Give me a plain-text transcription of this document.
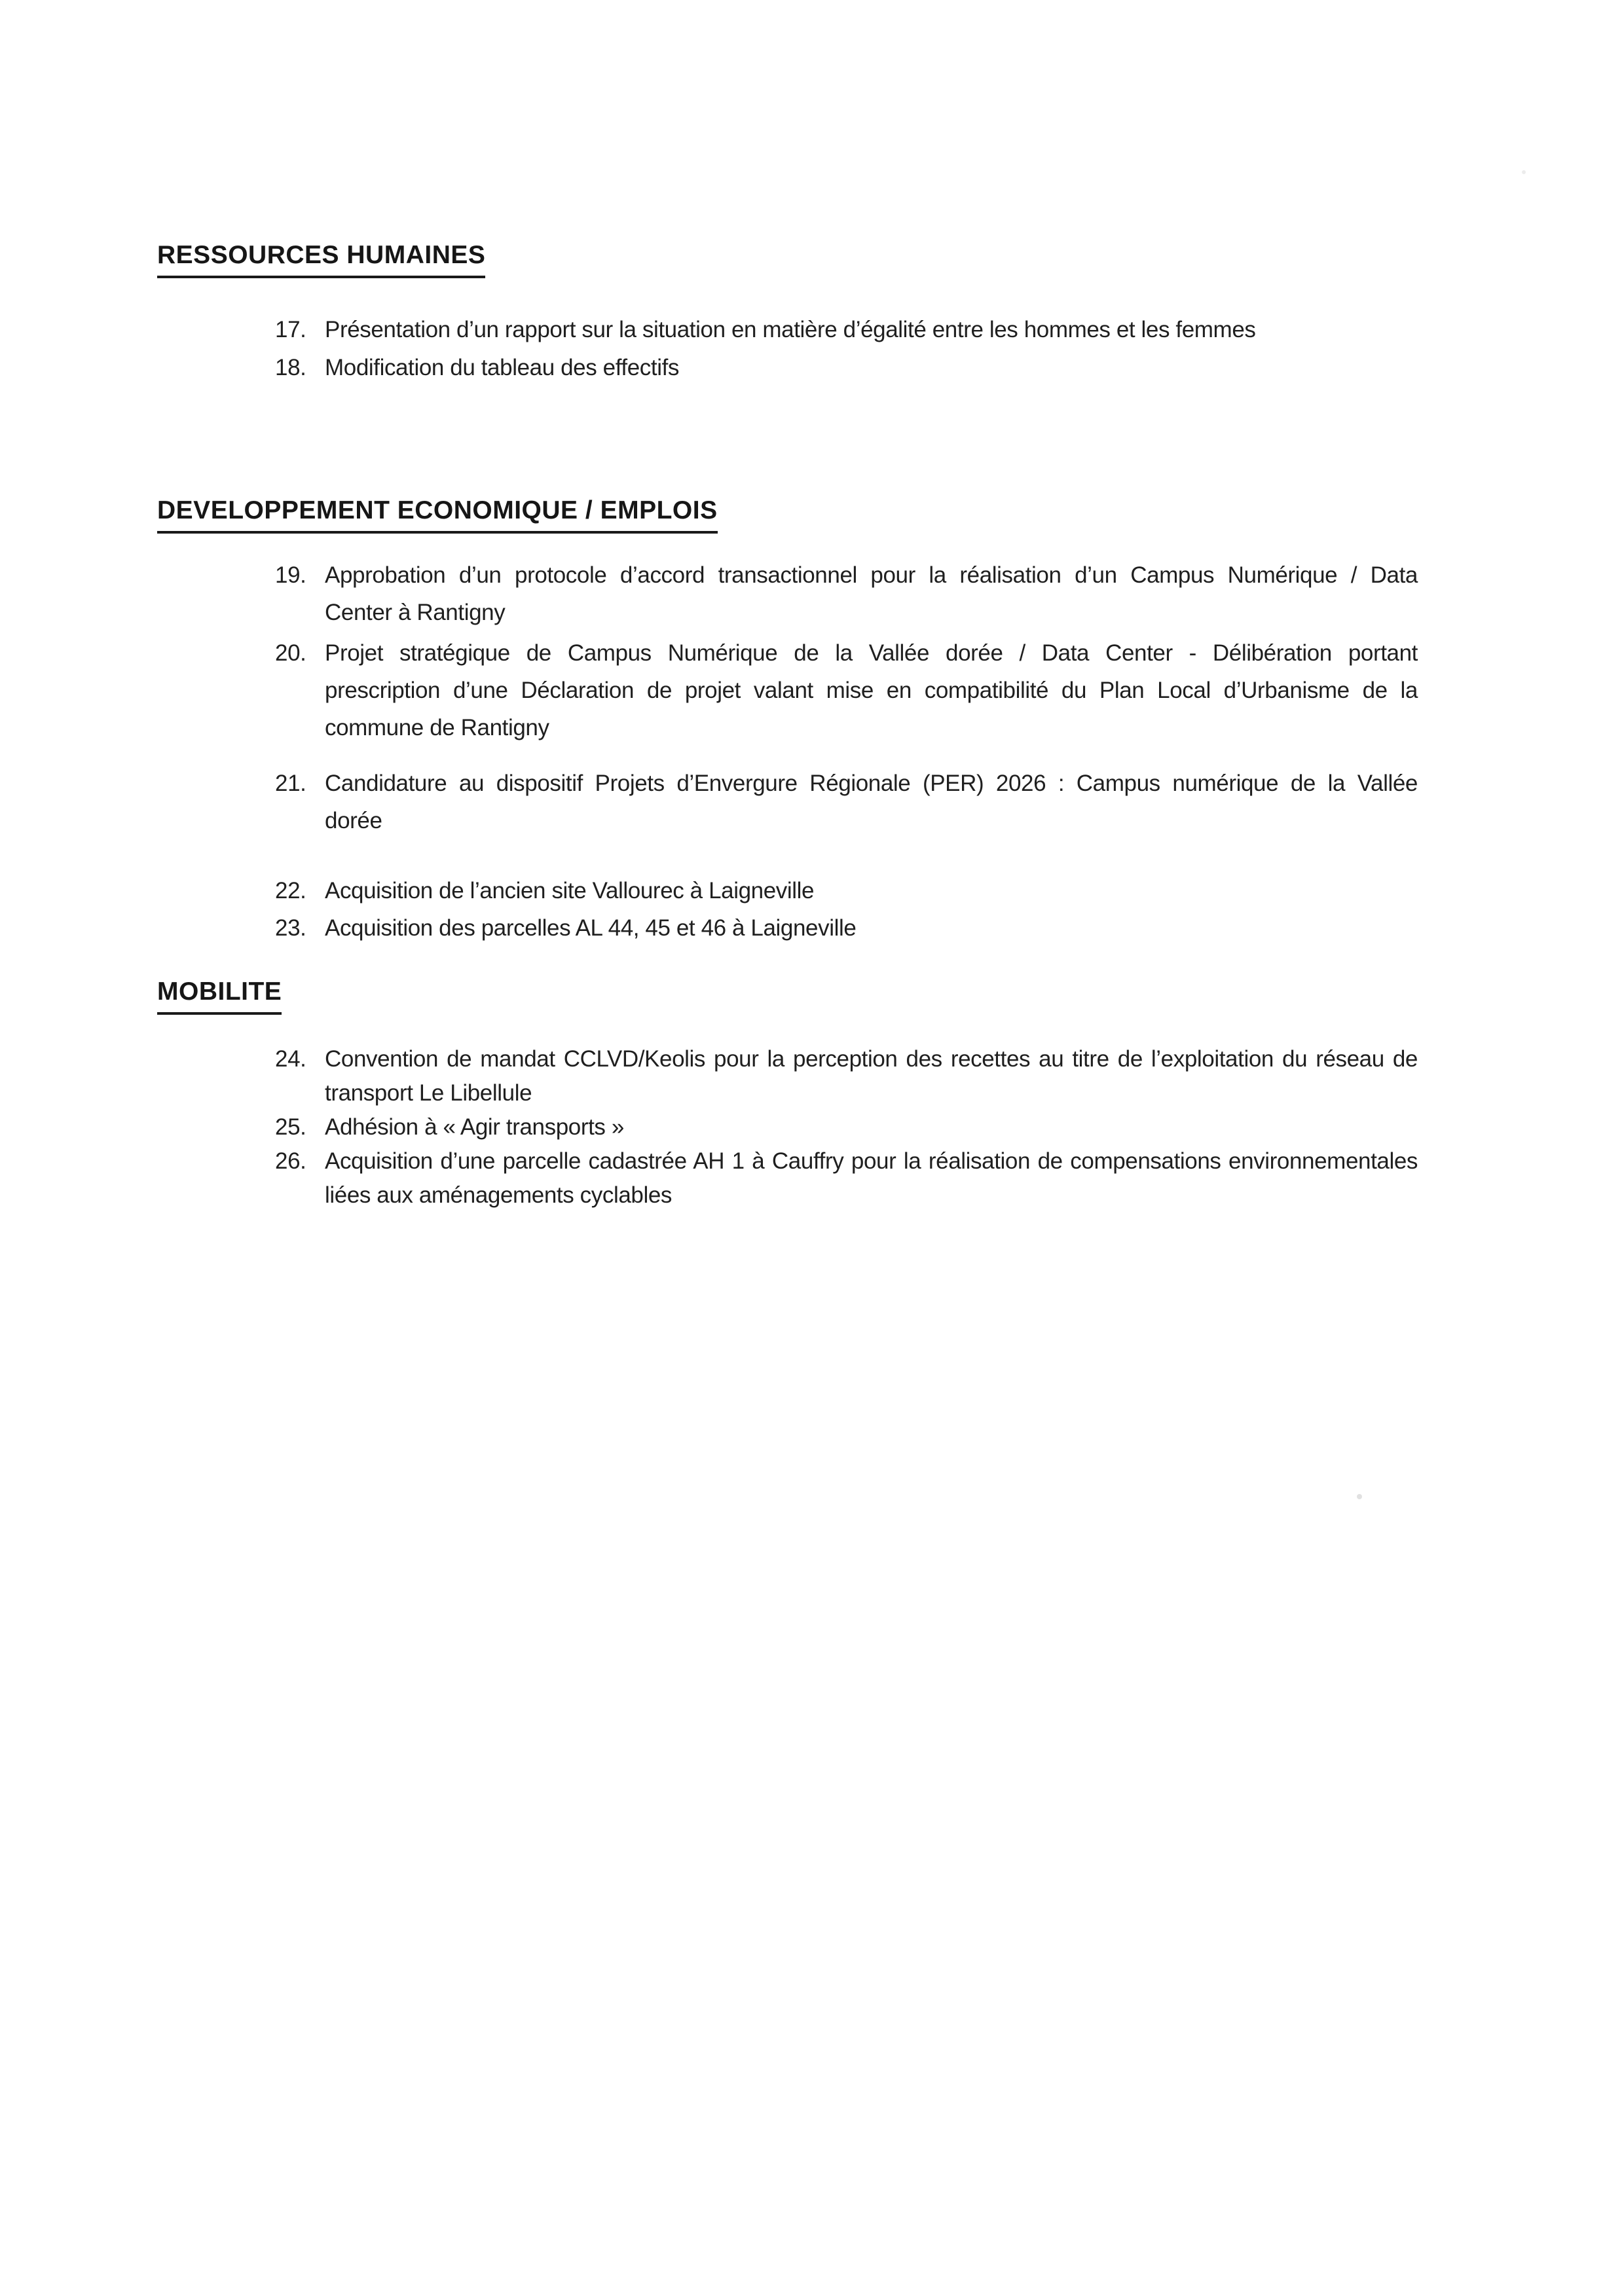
RESSOURCES HUMAINES
17. Présentation d’un rapport sur la situation en matière d’égalité entre les hommes et les femmes
18. Modification du tableau des effectifs
DEVELOPPEMENT ECONOMIQUE / EMPLOIS
19. Approbation d’un protocole d’accord transactionnel pour la réalisation d’un Campus Numérique / Data
Center à Rantigny
20. Projet stratégique de Campus Numérique de la Vallée dorée / Data Center - Délibération portant
prescription d’une Déclaration de projet valant mise en compatibilité du Plan Local d’Urbanisme de la
commune de Rantigny
21. Candidature au dispositif Projets d’Envergure Régionale (PER) 2026 : Campus numérique de la Vallée
dorée
22. Acquisition de l’ancien site Vallourec à Laigneville
23. Acquisition des parcelles AL 44, 45 et 46 à Laigneville
MOBILITE
24. Convention de mandat CCLVD/Keolis pour la perception des recettes au titre de l’exploitation du réseau de
transport Le Libellule
25. Adhésion à « Agir transports »
26. Acquisition d’une parcelle cadastrée AH 1 à Cauffry pour la réalisation de compensations environnementales
liées aux aménagements cyclables
